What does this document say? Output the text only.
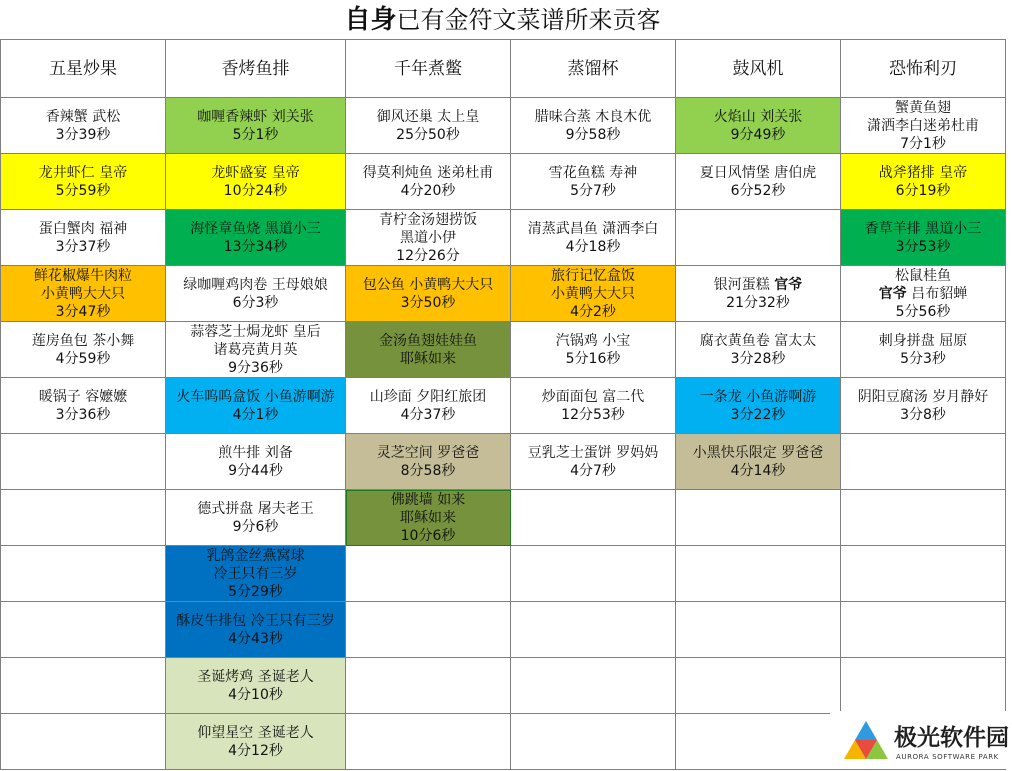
自身已有金符文菜谱所来贡客
五星炒果	香烤鱼排	千年煮鳖	蒸馏杯	鼓风机	恐怖利刃

香辣蟹 武松
3分39秒	咖喱香辣虾 刘关张
5分1秒	御风还巢 太上皇
25分50秒	腊味合蒸 木良木优
9分58秒	火焰山 刘关张
9分49秒	蟹黄鱼翅
潇洒李白迷弟杜甫
7分1秒

龙井虾仁 皇帝
5分59秒	龙虾盛宴 皇帝
10分24秒	得莫利炖鱼 迷弟杜甫
4分20秒	雪花鱼糕 寿神
5分7秒	夏日风情堡 唐伯虎
6分52秒	战斧猪排 皇帝
6分19秒

蛋白蟹肉 福神
3分37秒	海怪章鱼烧 黑道小三
13分34秒	青柠金汤翅捞饭
黑道小伊
12分26分	清蒸武昌鱼 潇洒李白
4分18秒		香草羊排 黑道小三
3分53秒

鲜花椒爆牛肉粒
小黄鸭大大只
3分47秒	绿咖喱鸡肉卷 王母娘娘
6分3秒	包公鱼 小黄鸭大大只
3分50秒	旅行记忆盒饭
小黄鸭大大只
4分2秒	银河蛋糕 官爷
21分32秒	松鼠桂鱼
官爷 吕布貂蝉
5分56秒

莲房鱼包 茶小舞
4分59秒	蒜蓉芝士焗龙虾 皇后
诸葛亮黄月英
9分36秒	金汤鱼翅娃娃鱼
耶稣如来	汽锅鸡 小宝
5分16秒	腐衣黄鱼卷 富太太
3分28秒	刺身拼盘 屈原
5分3秒

暖锅子 容嬷嬷
3分36秒	火车呜呜盒饭 小鱼游啊游
4分1秒	山珍面 夕阳红旅团
4分37秒	炒面面包 富二代
12分53秒	一条龙 小鱼游啊游
3分22秒	阴阳豆腐汤 岁月静好
3分8秒

	煎牛排 刘备
9分44秒	灵芝空间 罗爸爸
8分58秒	豆乳芝士蛋饼 罗妈妈
4分7秒	小黑快乐限定 罗爸爸
4分14秒	

	德式拼盘 屠夫老王
9分6秒	佛跳墙 如来
耶稣如来
10分6秒			

	乳鸽金丝燕窝球
冷王只有三岁
5分29秒				

	酥皮牛排包 冷王只有三岁
4分43秒				

	圣诞烤鸡 圣诞老人
4分10秒				

	仰望星空 圣诞老人
4分12秒				
					极光软件园
AURORA SOFTWARE PARK
